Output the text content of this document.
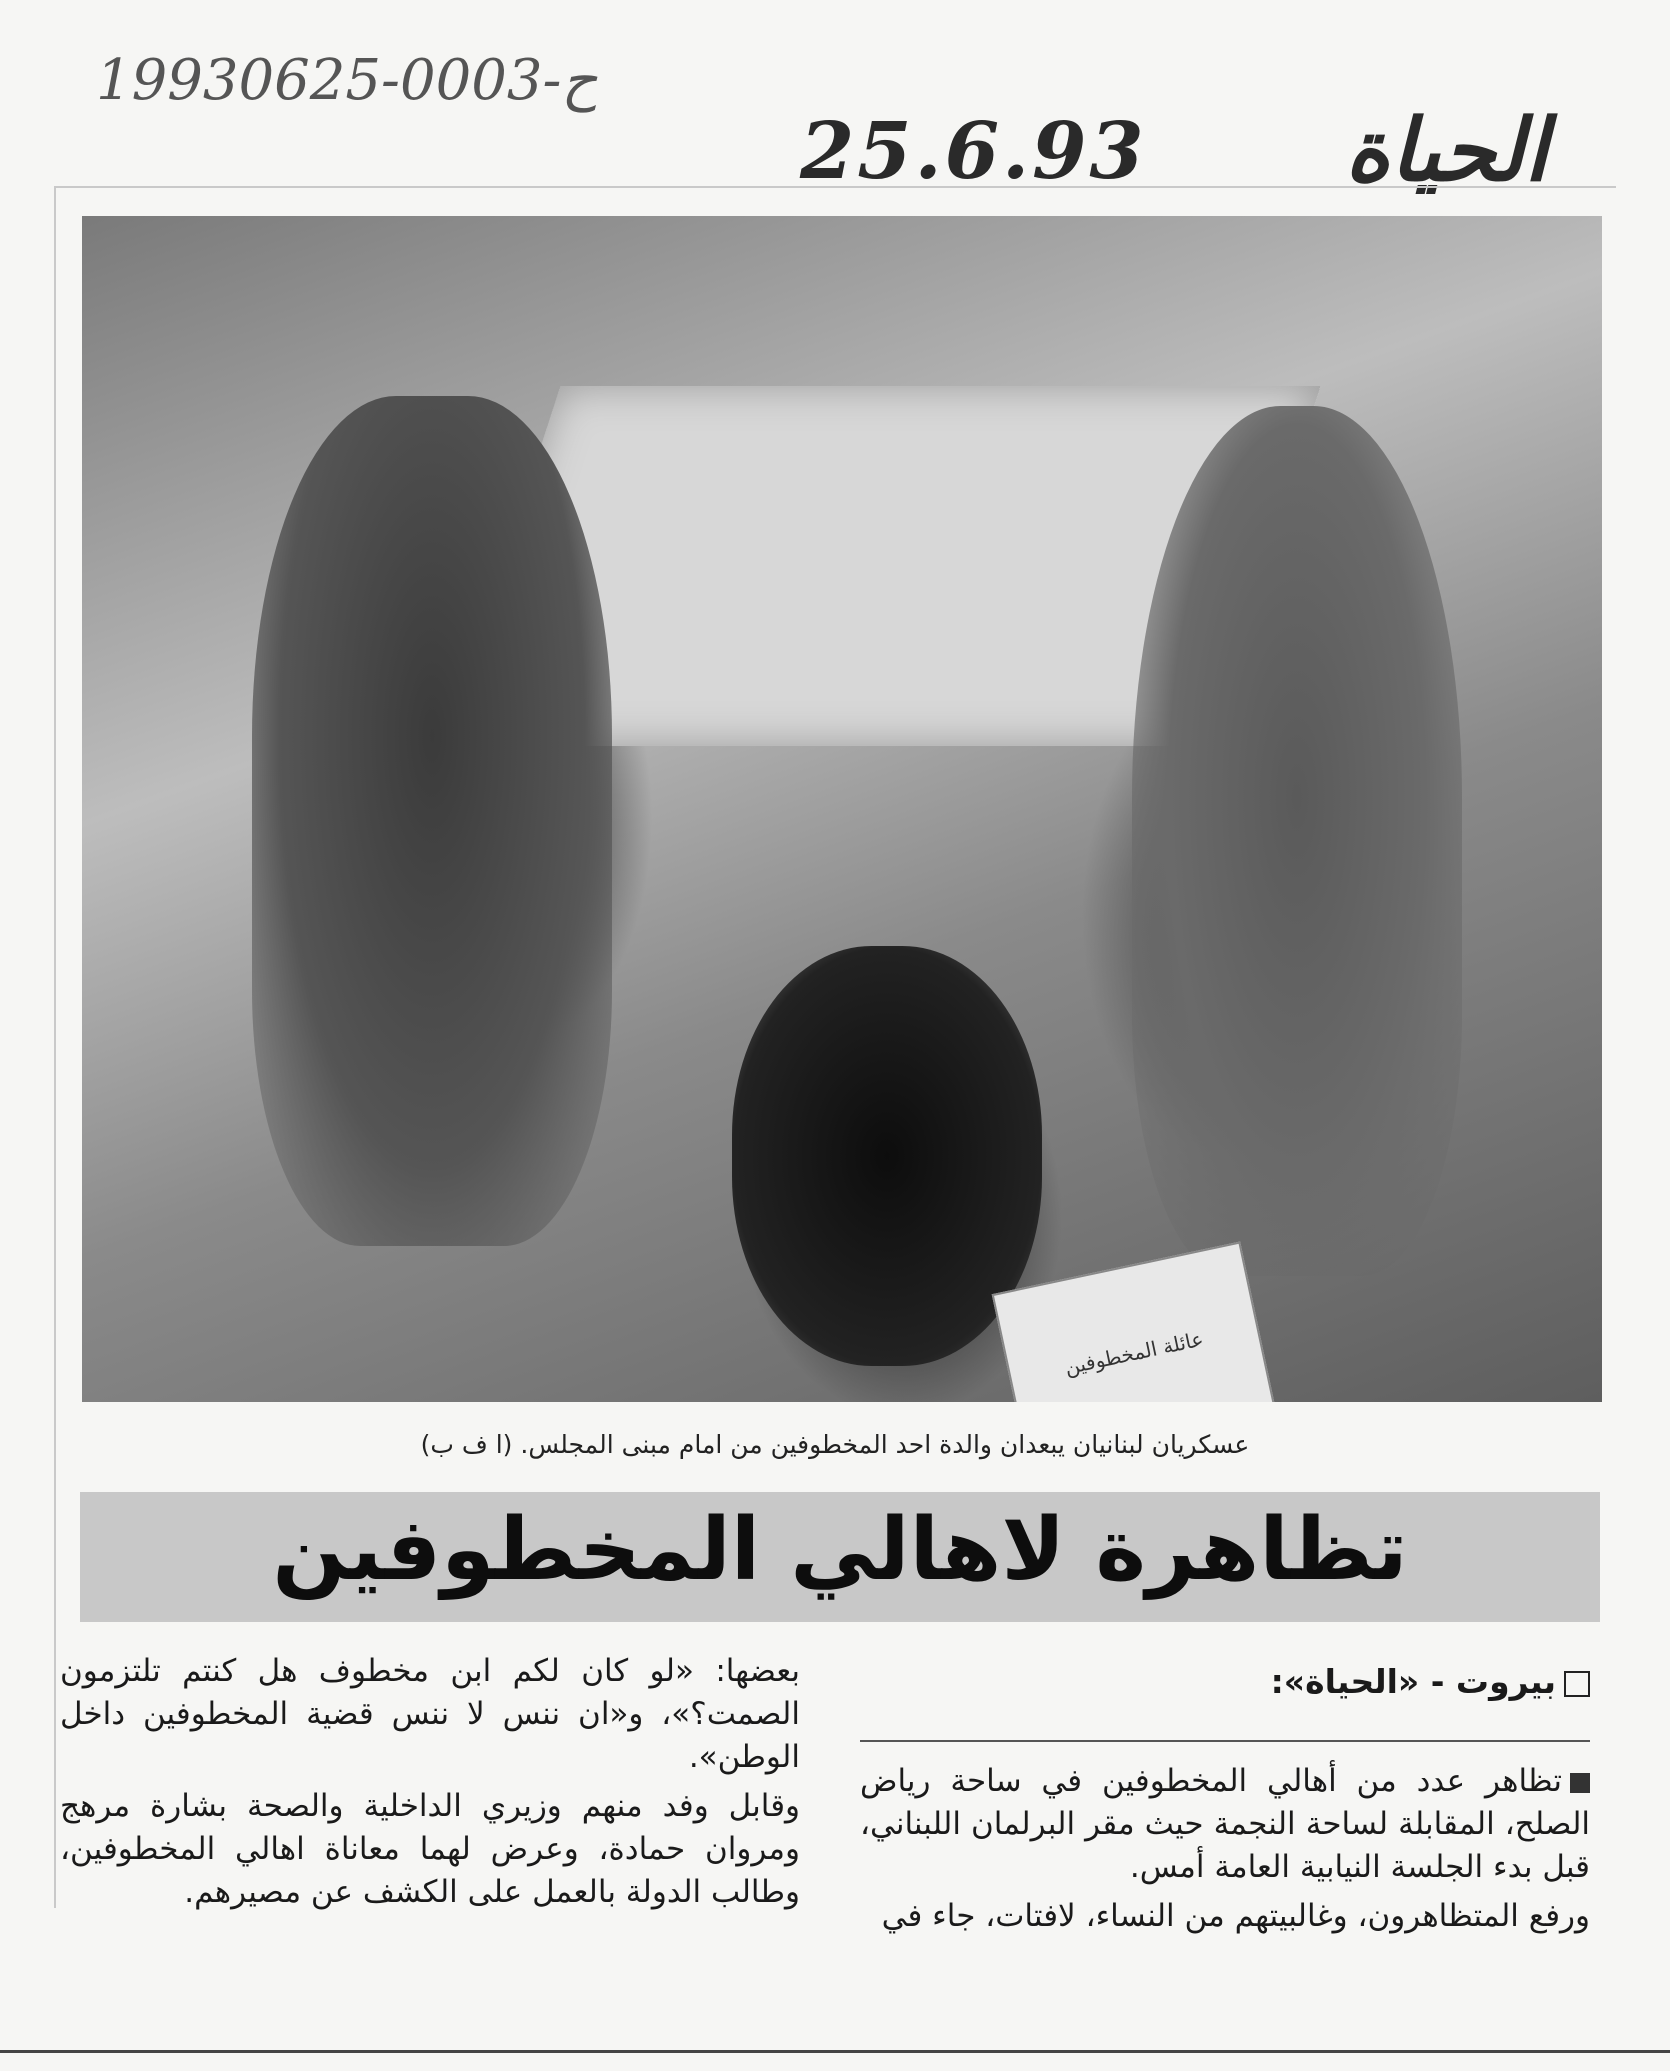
19930625-0003-ح
25.6.93 الحياة
عائلة المخطوفين
عسكريان لبنانيان يبعدان والدة احد المخطوفين من امام مبنى المجلس. (ا ف ب)
تظاهرة لاهالي المخطوفين
بيروت - «الحياة»:

تظاهر عدد من أهالي المخطوفين في ساحة رياض الصلح، المقابلة لساحة النجمة حيث مقر البرلمان اللبناني، قبل بدء الجلسة النيابية العامة أمس.

ورفع المتظاهرون، وغالبيتهم من النساء، لافتات، جاء في

بعضها: «لو كان لكم ابن مخطوف هل كنتم تلتزمون الصمت؟»، و«ان ننس لا ننس قضية المخطوفين داخل الوطن».

وقابل وفد منهم وزيري الداخلية والصحة بشارة مرهج ومروان حمادة، وعرض لهما معاناة اهالي المخطوفين، وطالب الدولة بالعمل على الكشف عن مصيرهم.
